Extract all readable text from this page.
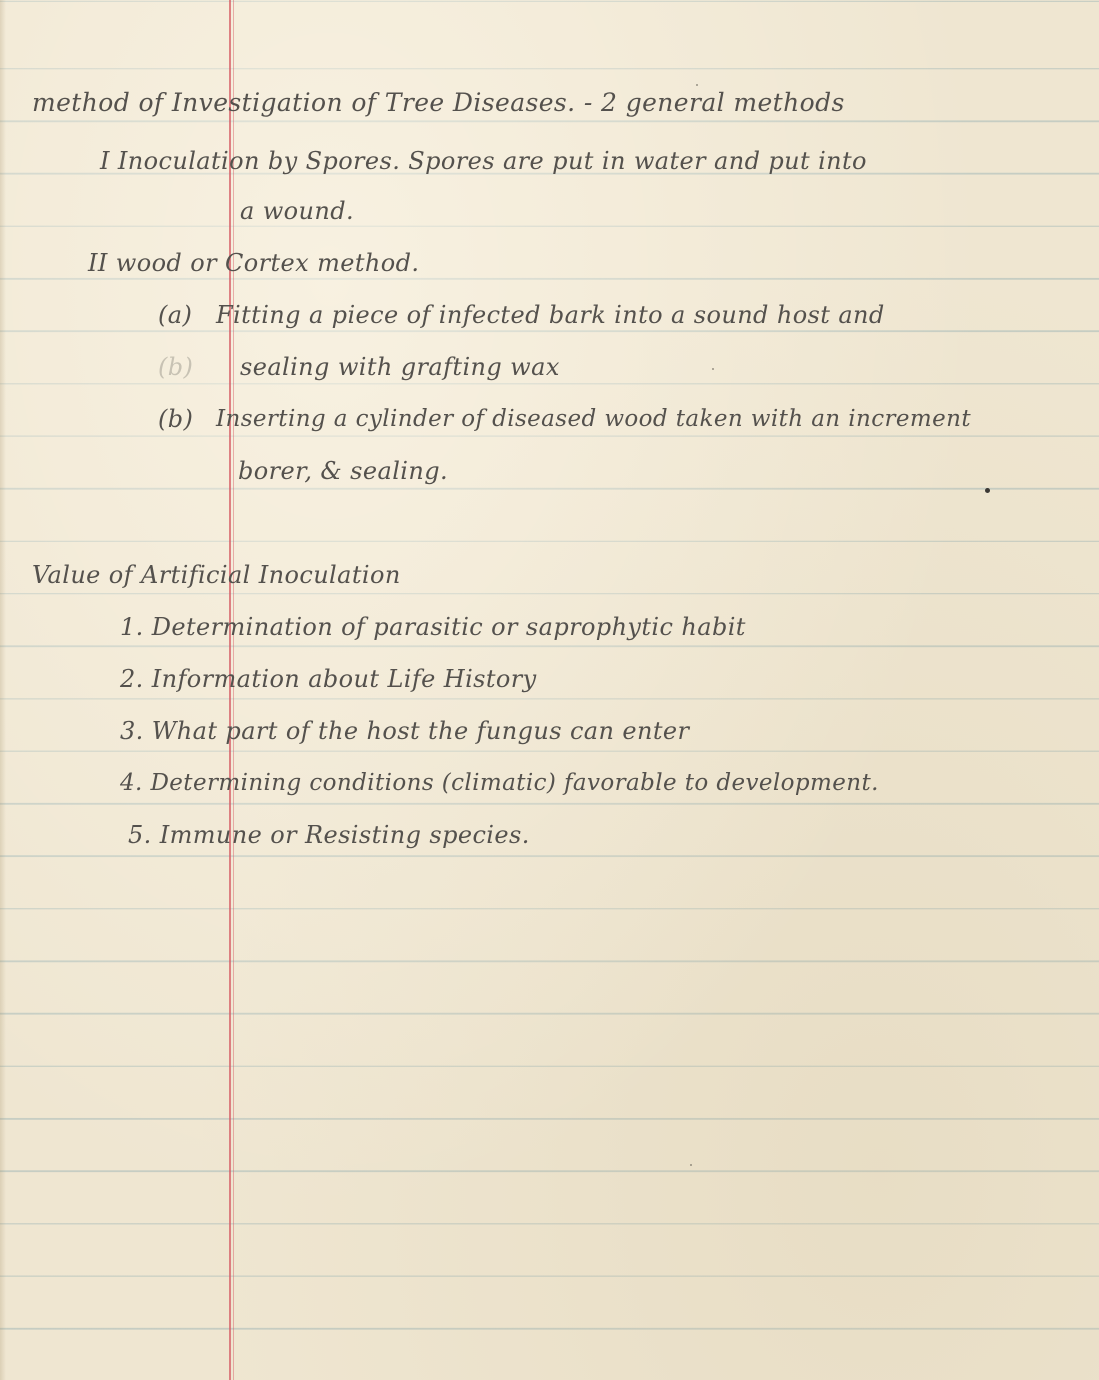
method of Investigation of Tree Diseases. - 2 general methods
I Inoculation by Spores. Spores are put in water and put into
a wound.
II wood or Cortex method.
(a) Fitting a piece of infected bark into a sound host and
(b) sealing with grafting wax
(b) Inserting a cylinder of diseased wood taken with an increment
borer, & sealing.
Value of Artificial Inoculation
1. Determination of parasitic or saprophytic habit
2. Information about Life History
3. What part of the host the fungus can enter
4. Determining conditions (climatic) favorable to development.
5. Immune or Resisting species.
